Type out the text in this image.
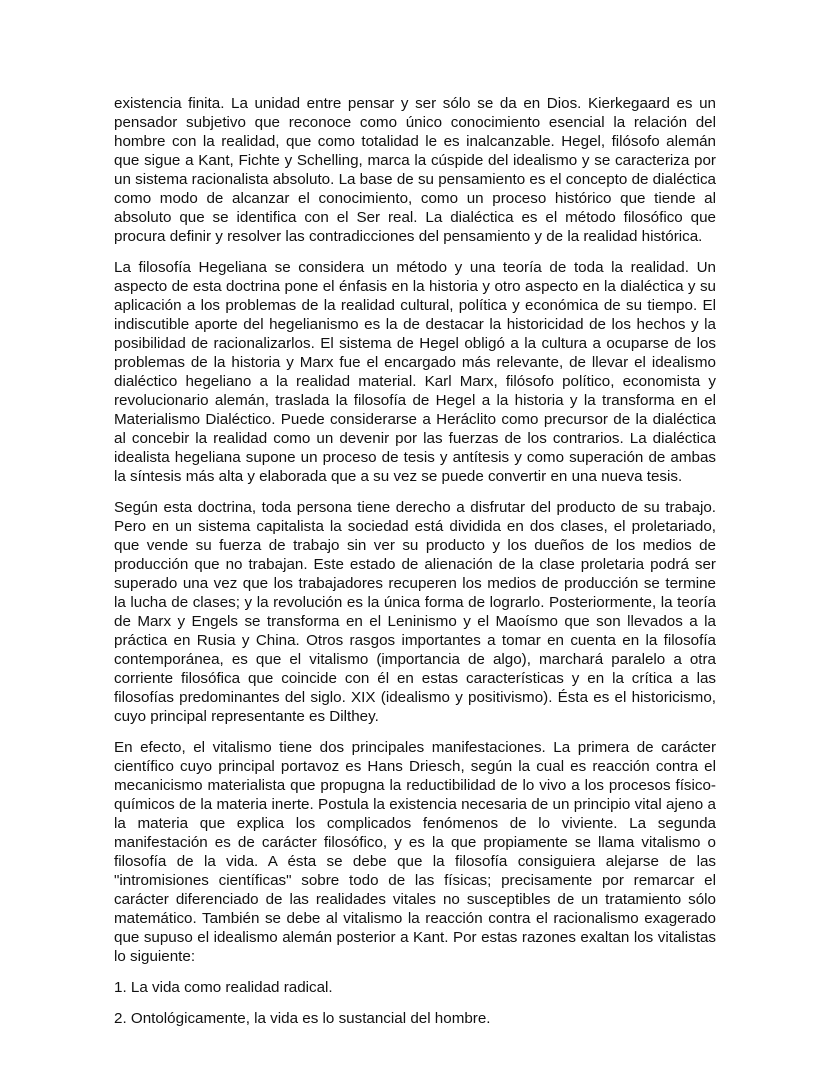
existencia finita. La unidad entre pensar y ser sólo se da en Dios. Kierkegaard es un pensador subjetivo que reconoce como único conocimiento esencial la relación del hombre con la realidad, que como totalidad le es inalcanzable. Hegel, filósofo alemán que sigue a Kant, Fichte y Schelling, marca la cúspide del idealismo y se caracteriza por un sistema racionalista absoluto. La base de su pensamiento es el concepto de dialéctica como modo de alcanzar el conocimiento, como un proceso histórico que tiende al absoluto que se identifica con el Ser real. La dialéctica es el método filosófico que procura definir y resolver las contradicciones del pensamiento y de la realidad histórica.

La filosofía Hegeliana se considera un método y una teoría de toda la realidad. Un aspecto de esta doctrina pone el énfasis en la historia y otro aspecto en la dialéctica y su aplicación a los problemas de la realidad cultural, política y económica de su tiempo. El indiscutible aporte del hegelianismo es la de destacar la historicidad de los hechos y la posibilidad de racionalizarlos. El sistema de Hegel obligó a la cultura a ocuparse de los problemas de la historia y Marx fue el encargado más relevante, de llevar el idealismo dialéctico hegeliano a la realidad material. Karl Marx, filósofo político, economista y revolucionario alemán, traslada la filosofía de Hegel a la historia y la transforma en el Materialismo Dialéctico. Puede considerarse a Heráclito como precursor de la dialéctica al concebir la realidad como un devenir por las fuerzas de los contrarios. La dialéctica idealista hegeliana supone un proceso de tesis y antítesis y como superación de ambas la síntesis más alta y elaborada que a su vez se puede convertir en una nueva tesis.

Según esta doctrina, toda persona tiene derecho a disfrutar del producto de su trabajo. Pero en un sistema capitalista la sociedad está dividida en dos clases, el proletariado, que vende su fuerza de trabajo sin ver su producto y los dueños de los medios de producción que no trabajan. Este estado de alienación de la clase proletaria podrá ser superado una vez que los trabajadores recuperen los medios de producción se termine la lucha de clases; y la revolución es la única forma de lograrlo. Posteriormente, la teoría de Marx y Engels se transforma en el Leninismo y el Maoísmo que son llevados a la práctica en Rusia y China. Otros rasgos importantes a tomar en cuenta en la filosofía contemporánea, es que el vitalismo (importancia de algo), marchará paralelo a otra corriente filosófica que coincide con él en estas características y en la crítica a las filosofías predominantes del siglo. XIX (idealismo y positivismo). Ésta es el historicismo, cuyo principal representante es Dilthey.

En efecto, el vitalismo tiene dos principales manifestaciones. La primera de carácter científico cuyo principal portavoz es Hans Driesch, según la cual es reacción contra el mecanicismo materialista que propugna la reductibilidad de lo vivo a los procesos físico-químicos de la materia inerte. Postula la existencia necesaria de un principio vital ajeno a la materia que explica los complicados fenómenos de lo viviente. La segunda manifestación es de carácter filosófico, y es la que propiamente se llama vitalismo o filosofía de la vida. A ésta se debe que la filosofía consiguiera alejarse de las "intromisiones científicas" sobre todo de las físicas; precisamente por remarcar el carácter diferenciado de las realidades vitales no susceptibles de un tratamiento sólo matemático. También se debe al vitalismo la reacción contra el racionalismo exagerado que supuso el idealismo alemán posterior a Kant. Por estas razones exaltan los vitalistas lo siguiente:

1. La vida como realidad radical.

2. Ontológicamente, la vida es lo sustancial del hombre.
